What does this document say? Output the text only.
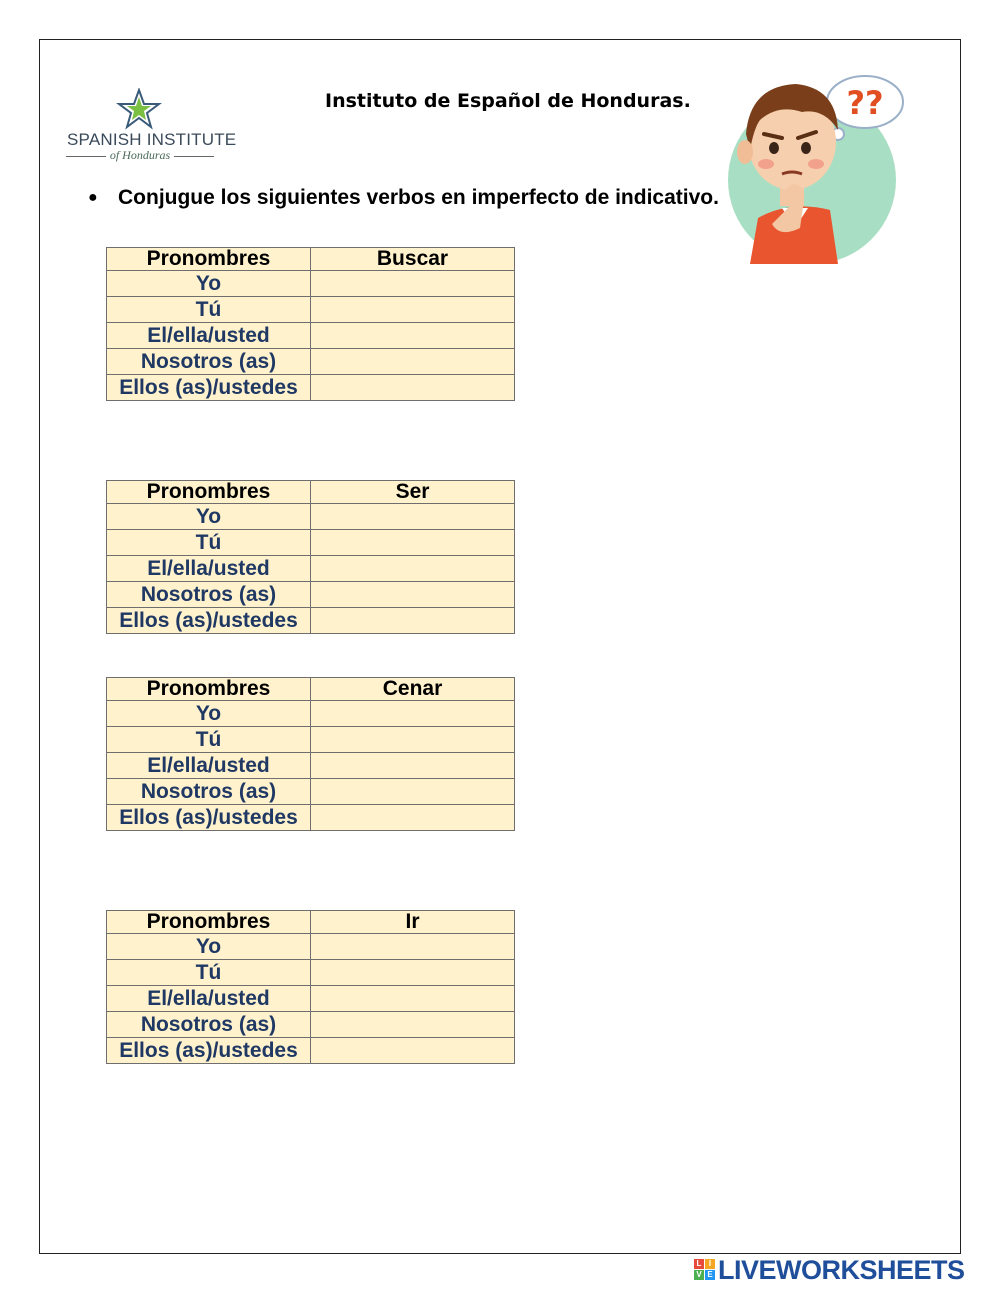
SPANISH INSTITUTE
of Honduras
Instituto de Español de Honduras.	??
● Conjugue los siguientes verbos en imperfecto de indicativo.
Pronombres	Buscar
Yo	
Tú	
El/ella/usted	
Nosotros (as)	
Ellos (as)/ustedes	
Pronombres	Ser
Yo	
Tú	
El/ella/usted	
Nosotros (as)	
Ellos (as)/ustedes	
Pronombres	Cenar
Yo	
Tú	
El/ella/usted	
Nosotros (as)	
Ellos (as)/ustedes	
Pronombres	Ir
Yo	
Tú	
El/ella/usted	
Nosotros (as)	
Ellos (as)/ustedes	
L I
V E LIVEWORKSHEETS
